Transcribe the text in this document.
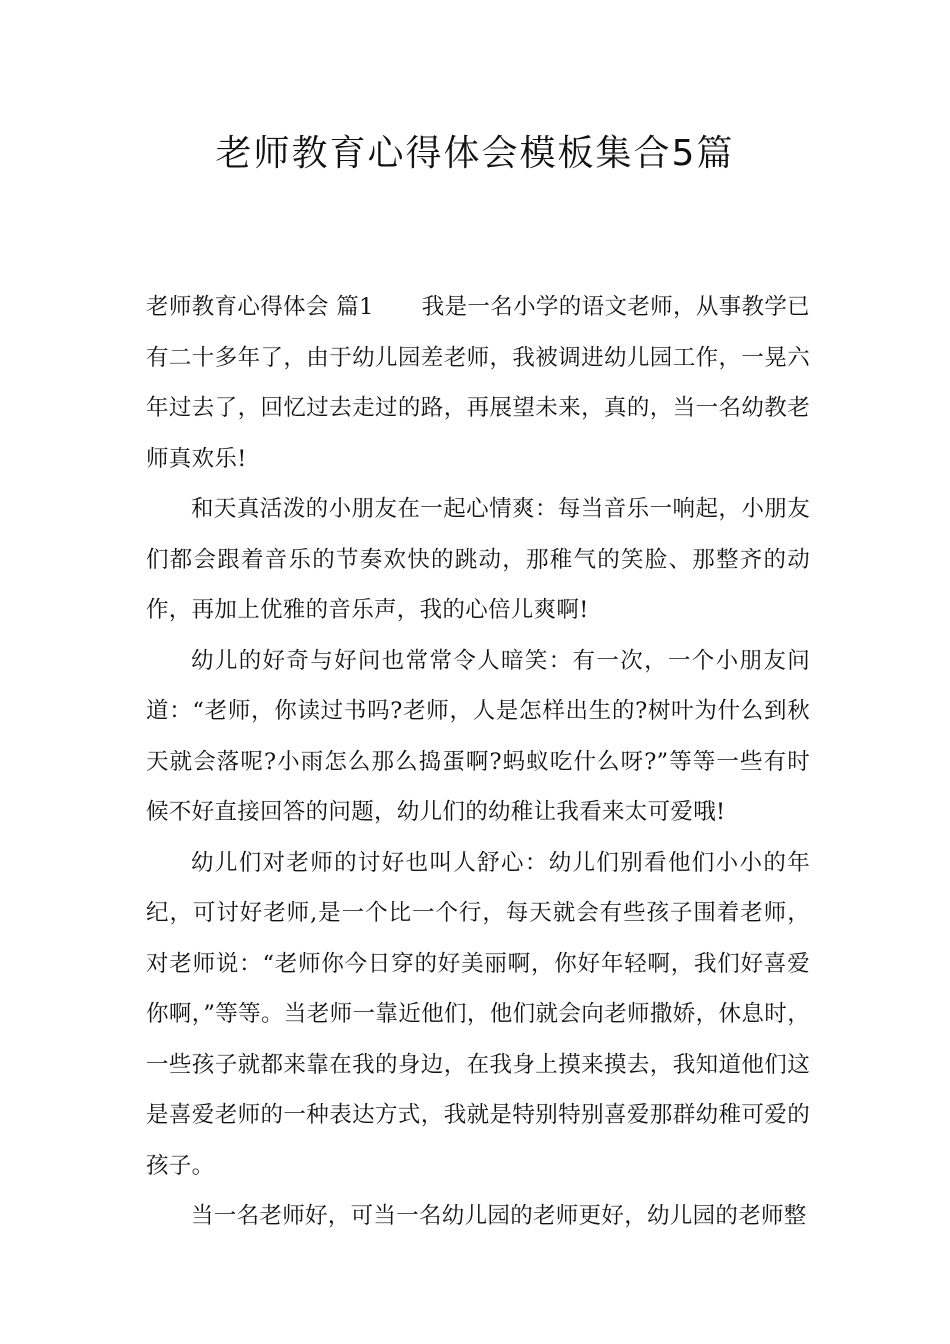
老师教育心得体会模板集合5篇

老师教育心得体会 篇1 我是一名小学的语文老师，从事教学已有二十多年了，由于幼儿园差老师，我被调进幼儿园工作，一晃六年过去了，回忆过去走过的路，再展望未来，真的，当一名幼教老师真欢乐!

和天真活泼的小朋友在一起心情爽：每当音乐一响起，小朋友们都会跟着音乐的节奏欢快的跳动，那稚气的笑脸、那整齐的动作，再加上优雅的音乐声，我的心倍儿爽啊!

幼儿的好奇与好问也常常令人暗笑：有一次，一个小朋友问道：“老师，你读过书吗?老师，人是怎样出生的?树叶为什么到秋天就会落呢?小雨怎么那么捣蛋啊?蚂蚁吃什么呀?”等等一些有时候不好直接回答的问题，幼儿们的幼稚让我看来太可爱哦!

幼儿们对老师的讨好也叫人舒心：幼儿们别看他们小小的年纪，可讨好老师,是一个比一个行，每天就会有些孩子围着老师，对老师说：“老师你今日穿的好美丽啊，你好年轻啊，我们好喜爱你啊，”等等。当老师一靠近他们，他们就会向老师撒娇，休息时，一些孩子就都来靠在我的身边，在我身上摸来摸去，我知道他们这是喜爱老师的一种表达方式，我就是特别特别喜爱那群幼稚可爱的孩子。

当一名老师好，可当一名幼儿园的老师更好，幼儿园的老师整
